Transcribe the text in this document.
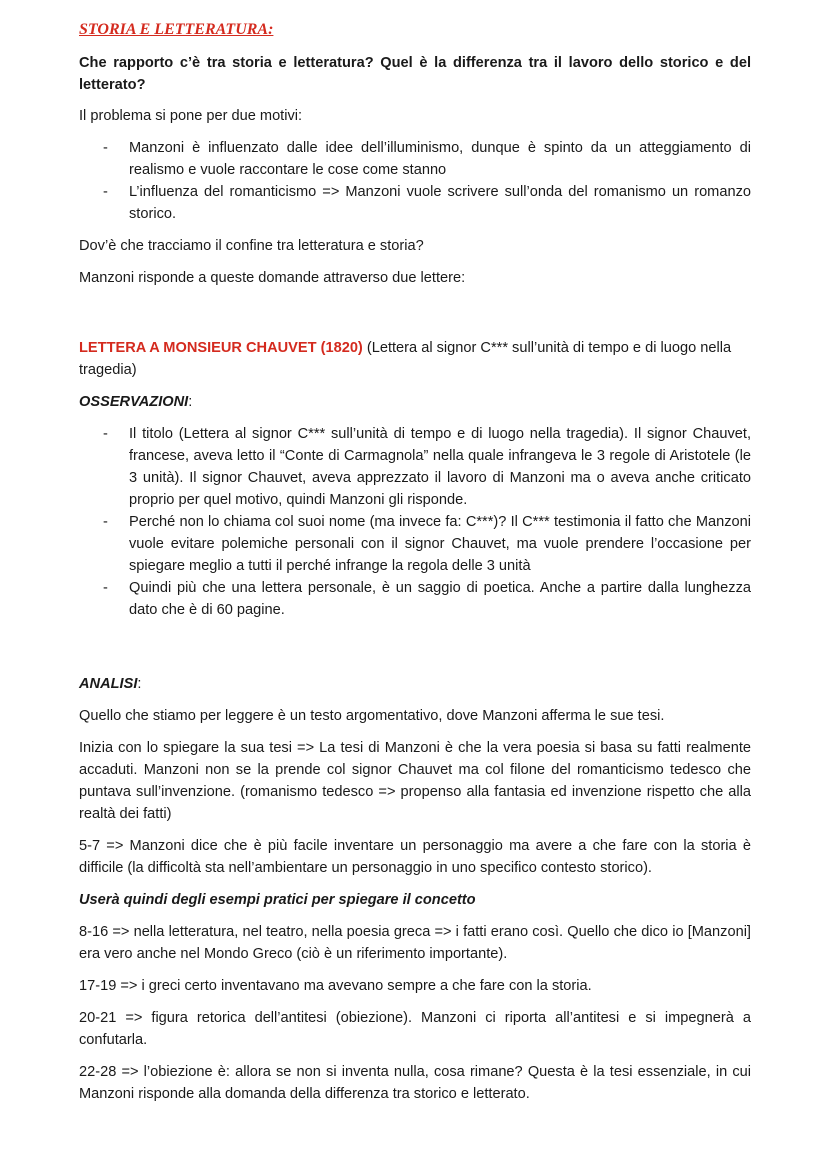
STORIA E LETTERATURA:

Che rapporto c’è tra storia e letteratura? Quel è la differenza tra il lavoro dello storico e del letterato?

Il problema si pone per due motivi:

- Manzoni è influenzato dalle idee dell’illuminismo, dunque è spinto da un atteggiamento di realismo e vuole raccontare le cose come stanno
- L’influenza del romanticismo => Manzoni vuole scrivere sull’onda del romanismo un romanzo storico.

Dov’è che tracciamo il confine tra letteratura e storia?

Manzoni risponde a queste domande attraverso due lettere:

LETTERA A MONSIEUR CHAUVET (1820) (Lettera al signor C*** sull’unità di tempo e di luogo nella tragedia)

OSSERVAZIONI:

- Il titolo (Lettera al signor C*** sull’unità di tempo e di luogo nella tragedia). Il signor Chauvet, francese, aveva letto il “Conte di Carmagnola” nella quale infrangeva le 3 regole di Aristotele (le 3 unità). Il signor Chauvet, aveva apprezzato il lavoro di Manzoni ma o aveva anche criticato proprio per quel motivo, quindi Manzoni gli risponde.
- Perché non lo chiama col suoi nome (ma invece fa: C***)? Il C*** testimonia il fatto che Manzoni vuole evitare polemiche personali con il signor Chauvet, ma vuole prendere l’occasione per spiegare meglio a tutti il perché infrange la regola delle 3 unità
- Quindi più che una lettera personale, è un saggio di poetica. Anche a partire dalla lunghezza dato che è di 60 pagine.

ANALISI:

Quello che stiamo per leggere è un testo argomentativo, dove Manzoni afferma le sue tesi.

Inizia con lo spiegare la sua tesi => La tesi di Manzoni è che la vera poesia si basa su fatti realmente accaduti. Manzoni non se la prende col signor Chauvet ma col filone del romanticismo tedesco che puntava sull’invenzione. (romanismo tedesco => propenso alla fantasia ed invenzione rispetto che alla realtà dei fatti)

5-7 => Manzoni dice che è più facile inventare un personaggio ma avere a che fare con la storia è difficile (la difficoltà sta nell’ambientare un personaggio in uno specifico contesto storico).

Userà quindi degli esempi pratici per spiegare il concetto

8-16 => nella letteratura, nel teatro, nella poesia greca => i fatti erano così. Quello che dico io [Manzoni] era vero anche nel Mondo Greco (ciò è un riferimento importante).

17-19 => i greci certo inventavano ma avevano sempre a che fare con la storia.

20-21 => figura retorica dell’antitesi (obiezione). Manzoni ci riporta all’antitesi e si impegnerà a confutarla.

22-28 => l’obiezione è: allora se non si inventa nulla, cosa rimane? Questa è la tesi essenziale, in cui Manzoni risponde alla domanda della differenza tra storico e letterato.
